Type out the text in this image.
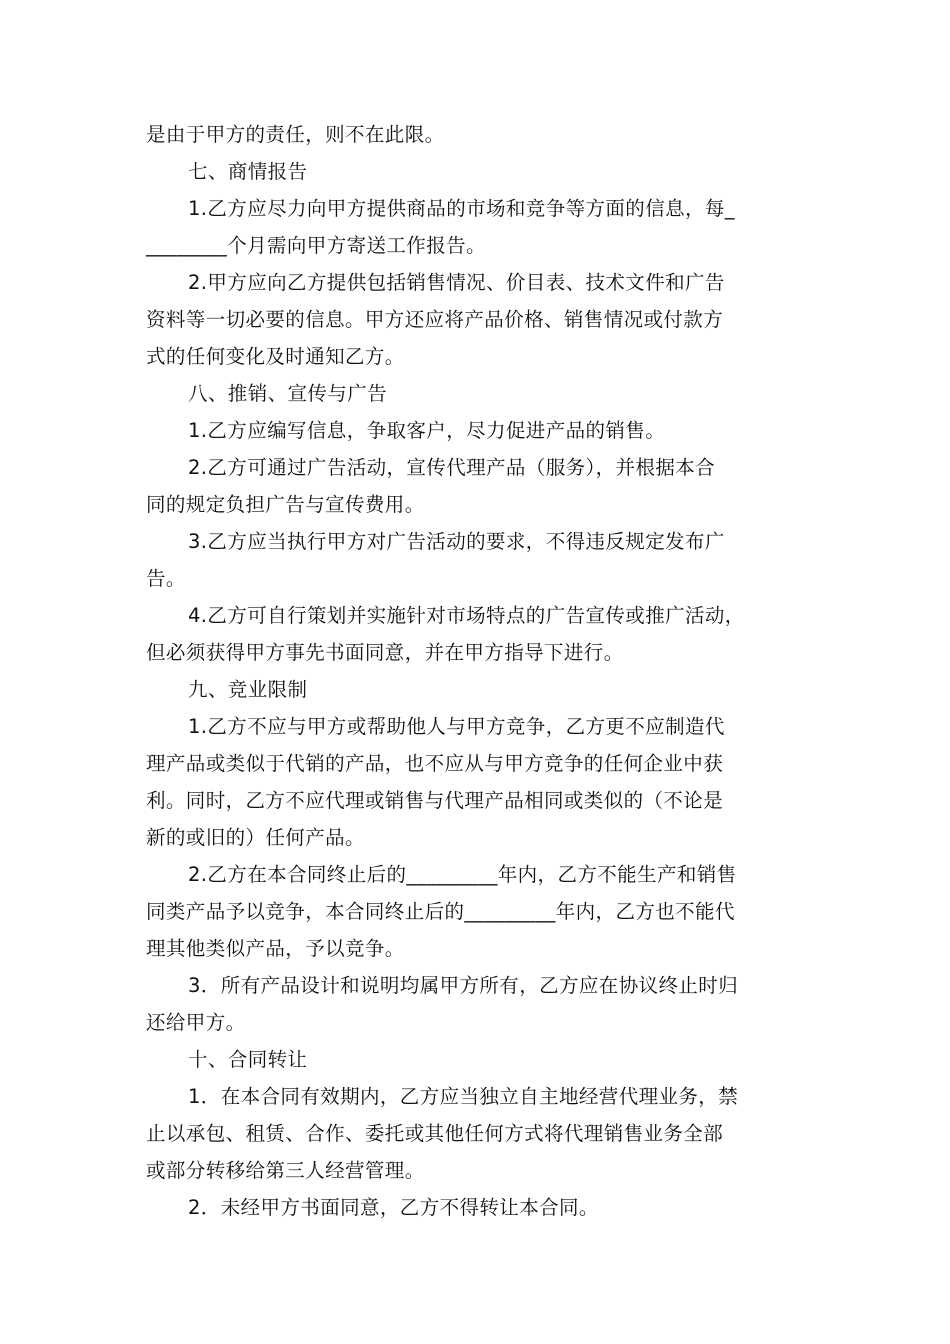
是由于甲方的责任，则不在此限。
七、商情报告
1.乙方应尽力向甲方提供商品的市场和竞争等方面的信息，每_
________个月需向甲方寄送工作报告。
2.甲方应向乙方提供包括销售情况、价目表、技术文件和广告
资料等一切必要的信息。甲方还应将产品价格、销售情况或付款方
式的任何变化及时通知乙方。
八、推销、宣传与广告
1.乙方应编写信息，争取客户，尽力促进产品的销售。
2.乙方可通过广告活动，宣传代理产品（服务），并根据本合
同的规定负担广告与宣传费用。
3.乙方应当执行甲方对广告活动的要求，不得违反规定发布广
告。
4.乙方可自行策划并实施针对市场特点的广告宣传或推广活动，
但必须获得甲方事先书面同意，并在甲方指导下进行。
九、竞业限制
1.乙方不应与甲方或帮助他人与甲方竞争，乙方更不应制造代
理产品或类似于代销的产品，也不应从与甲方竞争的任何企业中获
利。同时，乙方不应代理或销售与代理产品相同或类似的（不论是
新的或旧的）任何产品。
2.乙方在本合同终止后的_________年内，乙方不能生产和销售
同类产品予以竞争，本合同终止后的_________年内，乙方也不能代
理其他类似产品，予以竞争。
3．所有产品设计和说明均属甲方所有，乙方应在协议终止时归
还给甲方。
十、合同转让
1．在本合同有效期内，乙方应当独立自主地经营代理业务，禁
止以承包、租赁、合作、委托或其他任何方式将代理销售业务全部
或部分转移给第三人经营管理。
2．未经甲方书面同意，乙方不得转让本合同。
